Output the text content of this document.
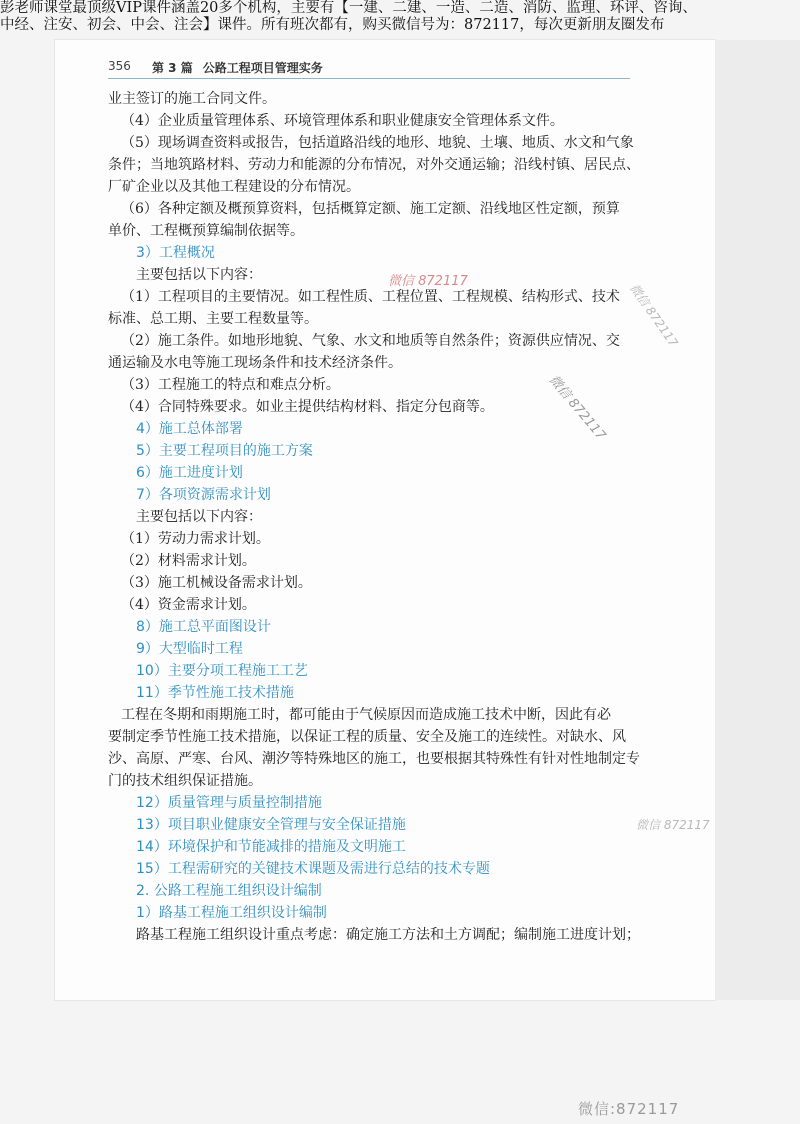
彭老师课堂最顶级VIP课件涵盖20多个机构，主要有【一建、二建、一造、二造、消防、监理、环评、咨询、
中经、注安、初会、中会、注会】课件。所有班次都有，购买微信号为：872117，每次更新朋友圈发布
356 第 3 篇 公路工程项目管理实务
业主签订的施工合同文件。
（4）企业质量管理体系、环境管理体系和职业健康安全管理体系文件。
（5）现场调查资料或报告，包括道路沿线的地形、地貌、土壤、地质、水文和气象
条件；当地筑路材料、劳动力和能源的分布情况，对外交通运输；沿线村镇、居民点、
厂矿企业以及其他工程建设的分布情况。
（6）各种定额及概预算资料，包括概算定额、施工定额、沿线地区性定额，预算
单价、工程概预算编制依据等。
3）工程概况
主要包括以下内容：
（1）工程项目的主要情况。如工程性质、工程位置、工程规模、结构形式、技术
标准、总工期、主要工程数量等。
（2）施工条件。如地形地貌、气象、水文和地质等自然条件；资源供应情况、交
通运输及水电等施工现场条件和技术经济条件。
（3）工程施工的特点和难点分析。
（4）合同特殊要求。如业主提供结构材料、指定分包商等。
4）施工总体部署
5）主要工程项目的施工方案
6）施工进度计划
7）各项资源需求计划
主要包括以下内容：
（1）劳动力需求计划。
（2）材料需求计划。
（3）施工机械设备需求计划。
（4）资金需求计划。
8）施工总平面图设计
9）大型临时工程
10）主要分项工程施工工艺
11）季节性施工技术措施
工程在冬期和雨期施工时，都可能由于气候原因而造成施工技术中断，因此有必
要制定季节性施工技术措施，以保证工程的质量、安全及施工的连续性。对缺水、风
沙、高原、严寒、台风、潮汐等特殊地区的施工，也要根据其特殊性有针对性地制定专
门的技术组织保证措施。
12）质量管理与质量控制措施
13）项目职业健康安全管理与安全保证措施
14）环境保护和节能减排的措施及文明施工
15）工程需研究的关键技术课题及需进行总结的技术专题
2. 公路工程施工组织设计编制
1）路基工程施工组织设计编制
路基工程施工组织设计重点考虑：确定施工方法和土方调配；编制施工进度计划；
微信 872117	微信 872117
微信 872117
微信 872117
微信:872117
